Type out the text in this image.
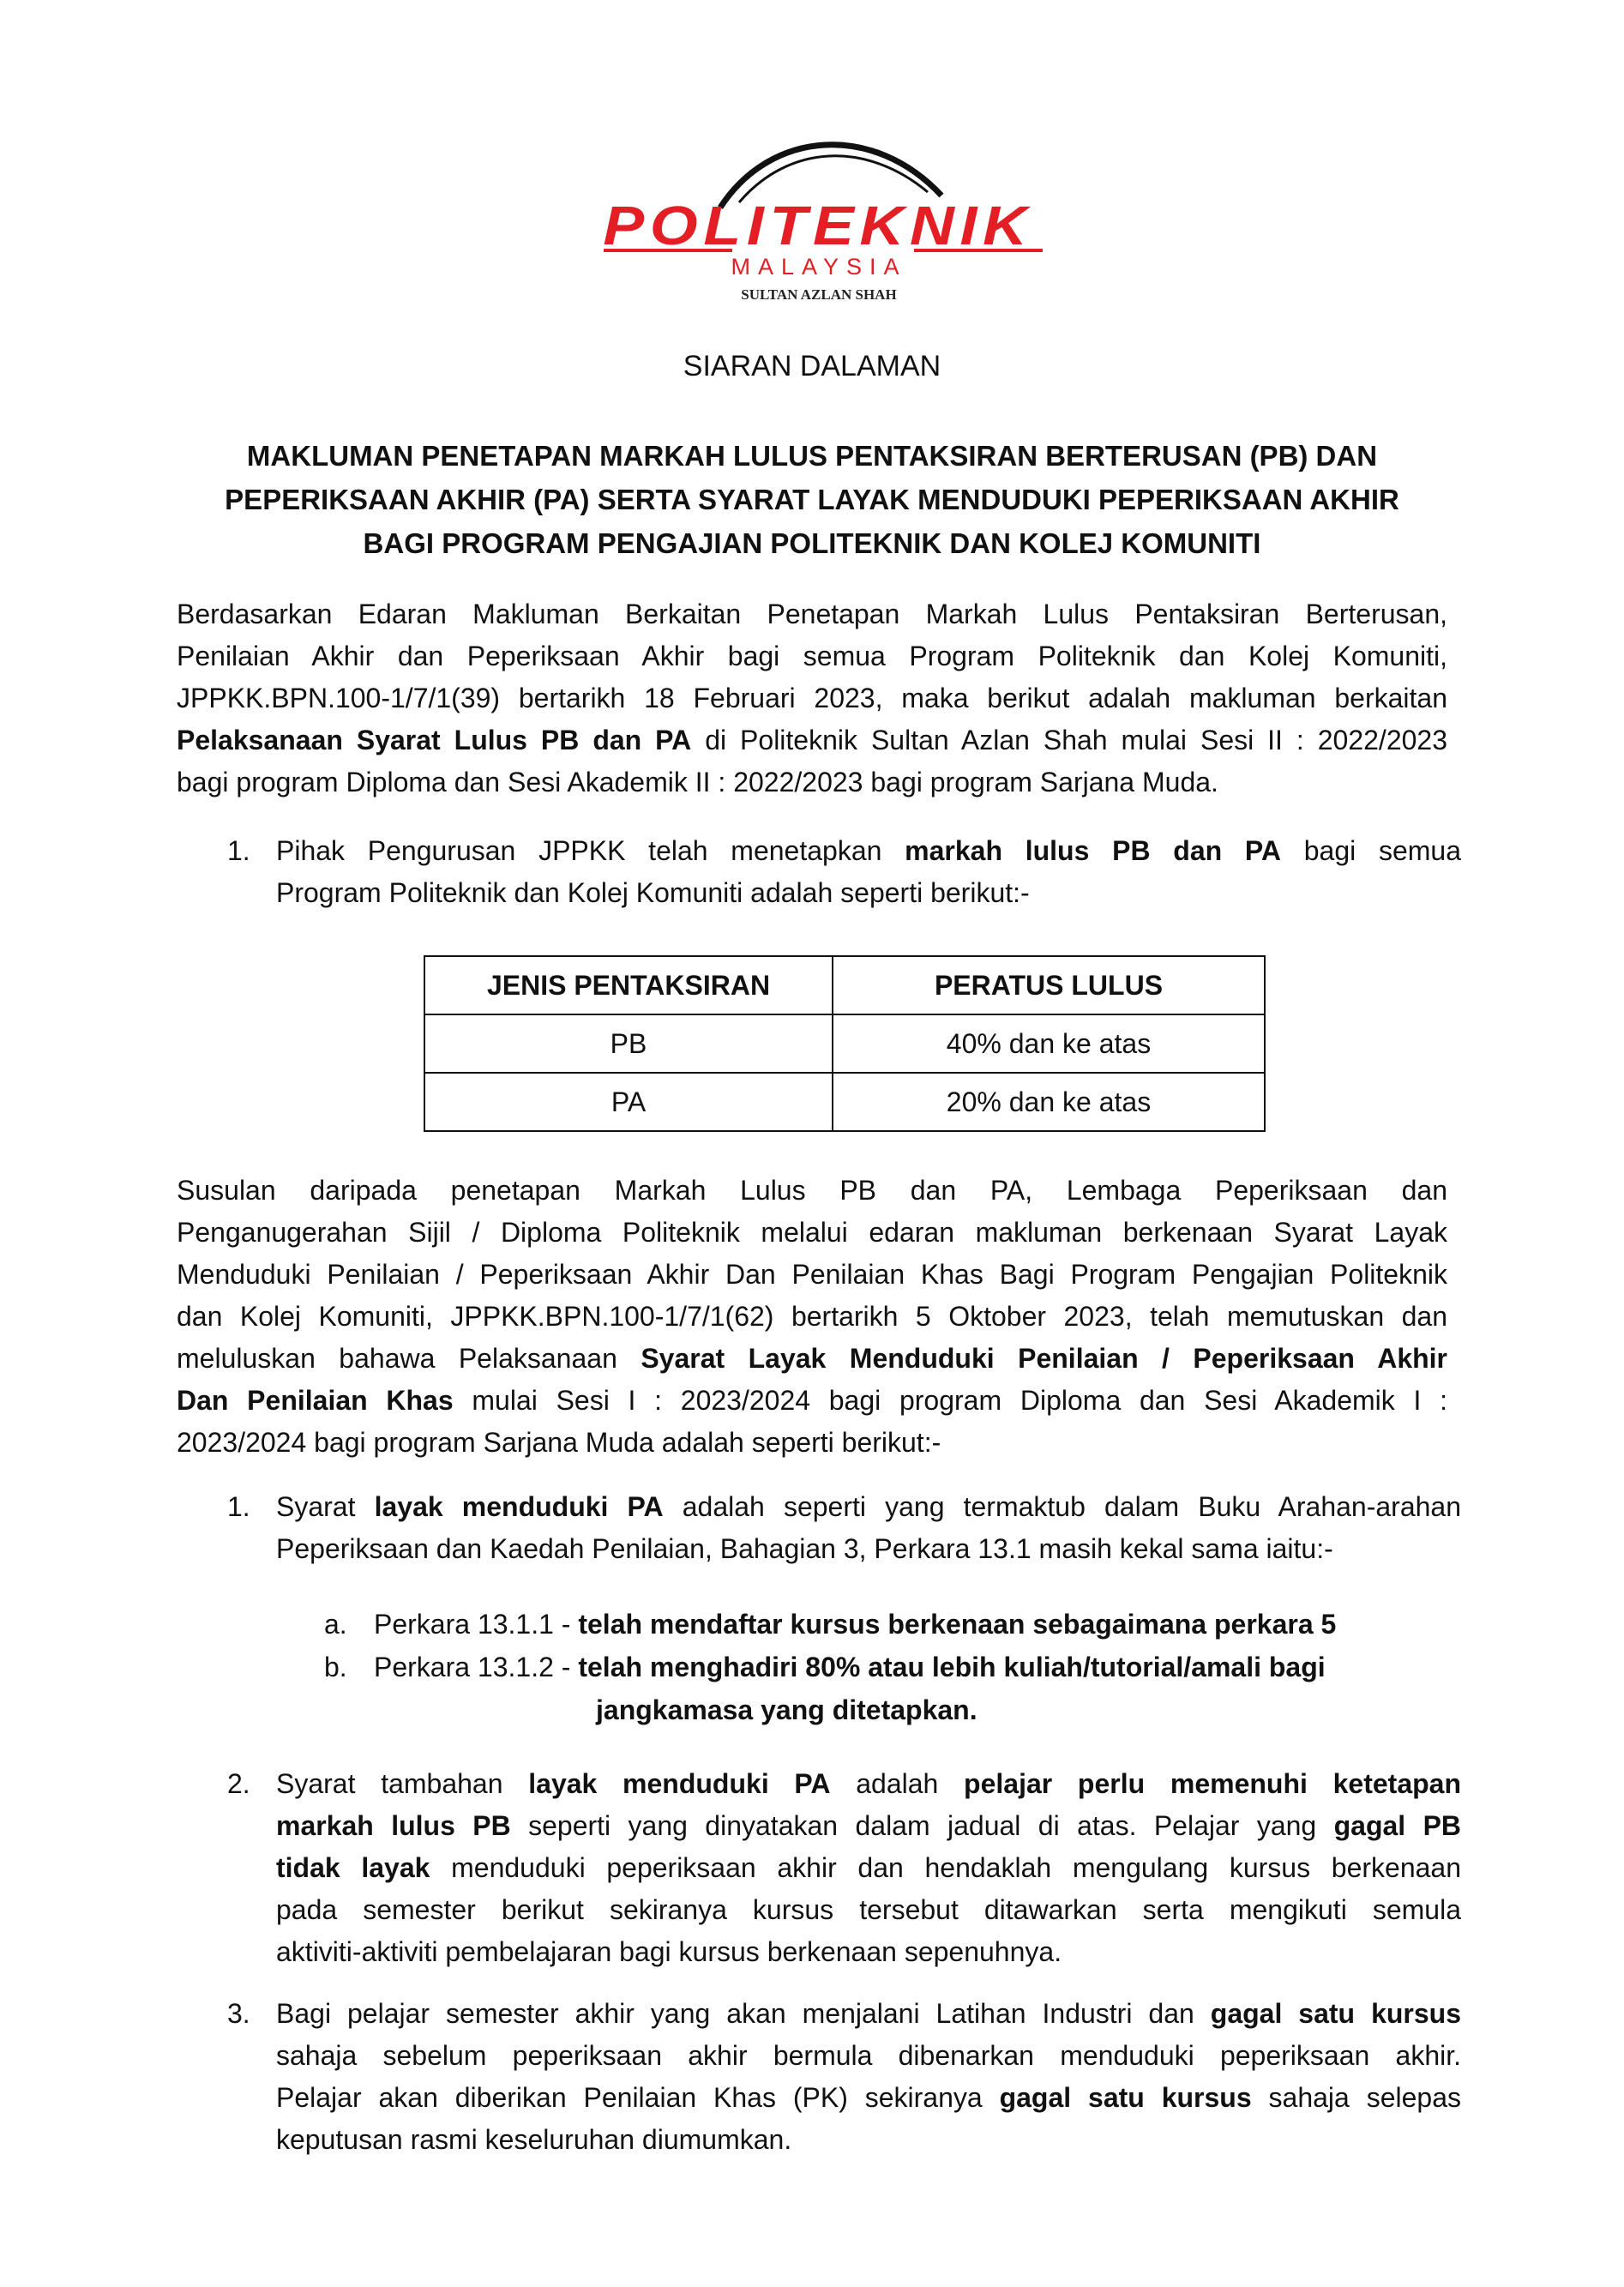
POLITEKNIK
MALAYSIA
SULTAN AZLAN SHAH
SIARAN DALAMAN
MAKLUMAN PENETAPAN MARKAH LULUS PENTAKSIRAN BERTERUSAN (PB) DAN
PEPERIKSAAN AKHIR (PA) SERTA SYARAT LAYAK MENDUDUKI PEPERIKSAAN AKHIR
BAGI PROGRAM PENGAJIAN POLITEKNIK DAN KOLEJ KOMUNITI
Berdasarkan Edaran Makluman Berkaitan Penetapan Markah Lulus Pentaksiran Berterusan,
Penilaian Akhir dan Peperiksaan Akhir bagi semua Program Politeknik dan Kolej Komuniti,
JPPKK.BPN.100-1/7/1(39) bertarikh 18 Februari 2023, maka berikut adalah makluman berkaitan
Pelaksanaan Syarat Lulus PB dan PA di Politeknik Sultan Azlan Shah mulai Sesi II : 2022/2023
bagi program Diploma dan Sesi Akademik II : 2022/2023 bagi program Sarjana Muda.
1. Pihak Pengurusan JPPKK telah menetapkan markah lulus PB dan PA bagi semua
Program Politeknik dan Kolej Komuniti adalah seperti berikut:-
JENIS PENTAKSIRAN	PERATUS LULUS
PB	40% dan ke atas
PA	20% dan ke atas
Susulan daripada penetapan Markah Lulus PB dan PA, Lembaga Peperiksaan dan
Penganugerahan Sijil / Diploma Politeknik melalui edaran makluman berkenaan Syarat Layak
Menduduki Penilaian / Peperiksaan Akhir Dan Penilaian Khas Bagi Program Pengajian Politeknik
dan Kolej Komuniti, JPPKK.BPN.100-1/7/1(62) bertarikh 5 Oktober 2023, telah memutuskan dan
meluluskan bahawa Pelaksanaan Syarat Layak Menduduki Penilaian / Peperiksaan Akhir
Dan Penilaian Khas mulai Sesi I : 2023/2024 bagi program Diploma dan Sesi Akademik I :
2023/2024 bagi program Sarjana Muda adalah seperti berikut:-
1. Syarat layak menduduki PA adalah seperti yang termaktub dalam Buku Arahan-arahan
Peperiksaan dan Kaedah Penilaian, Bahagian 3, Perkara 13.1 masih kekal sama iaitu:-
a. Perkara 13.1.1 - telah mendaftar kursus berkenaan sebagaimana perkara 5
b. Perkara 13.1.2 - telah menghadiri 80% atau lebih kuliah/tutorial/amali bagi
jangkamasa yang ditetapkan.
2. Syarat tambahan layak menduduki PA adalah pelajar perlu memenuhi ketetapan
markah lulus PB seperti yang dinyatakan dalam jadual di atas. Pelajar yang gagal PB
tidak layak menduduki peperiksaan akhir dan hendaklah mengulang kursus berkenaan
pada semester berikut sekiranya kursus tersebut ditawarkan serta mengikuti semula
aktiviti-aktiviti pembelajaran bagi kursus berkenaan sepenuhnya.
3. Bagi pelajar semester akhir yang akan menjalani Latihan Industri dan gagal satu kursus
sahaja sebelum peperiksaan akhir bermula dibenarkan menduduki peperiksaan akhir.
Pelajar akan diberikan Penilaian Khas (PK) sekiranya gagal satu kursus sahaja selepas
keputusan rasmi keseluruhan diumumkan.
